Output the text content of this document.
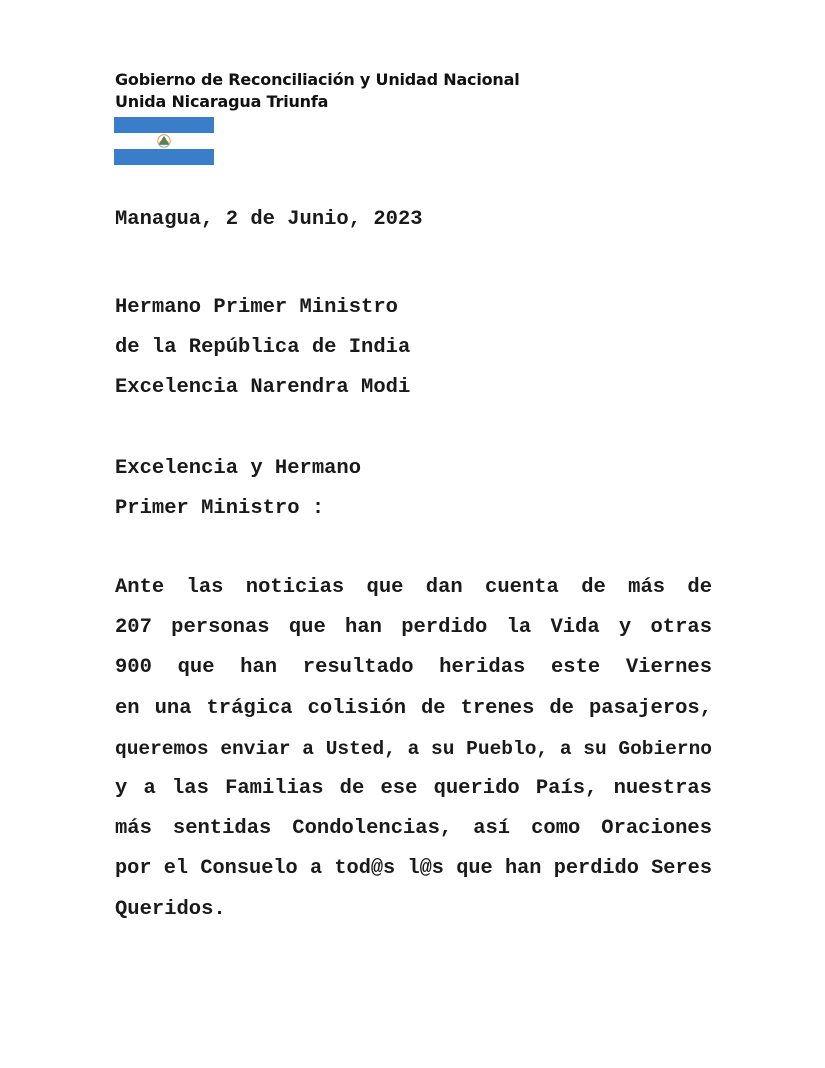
Gobierno de Reconciliación y Unidad Nacional
Unida Nicaragua Triunfa
Managua, 2 de Junio, 2023
Hermano Primer Ministro
de la República de India
Excelencia Narendra Modi
Excelencia y Hermano
Primer Ministro :
Ante las noticias que dan cuenta de más de
207 personas que han perdido la Vida y otras
900 que han resultado heridas este Viernes
en una trágica colisión de trenes de pasajeros,
queremos enviar a Usted, a su Pueblo, a su Gobierno
y a las Familias de ese querido País, nuestras
más sentidas Condolencias, así como Oraciones
por el Consuelo a tod@s l@s que han perdido Seres
Queridos.
